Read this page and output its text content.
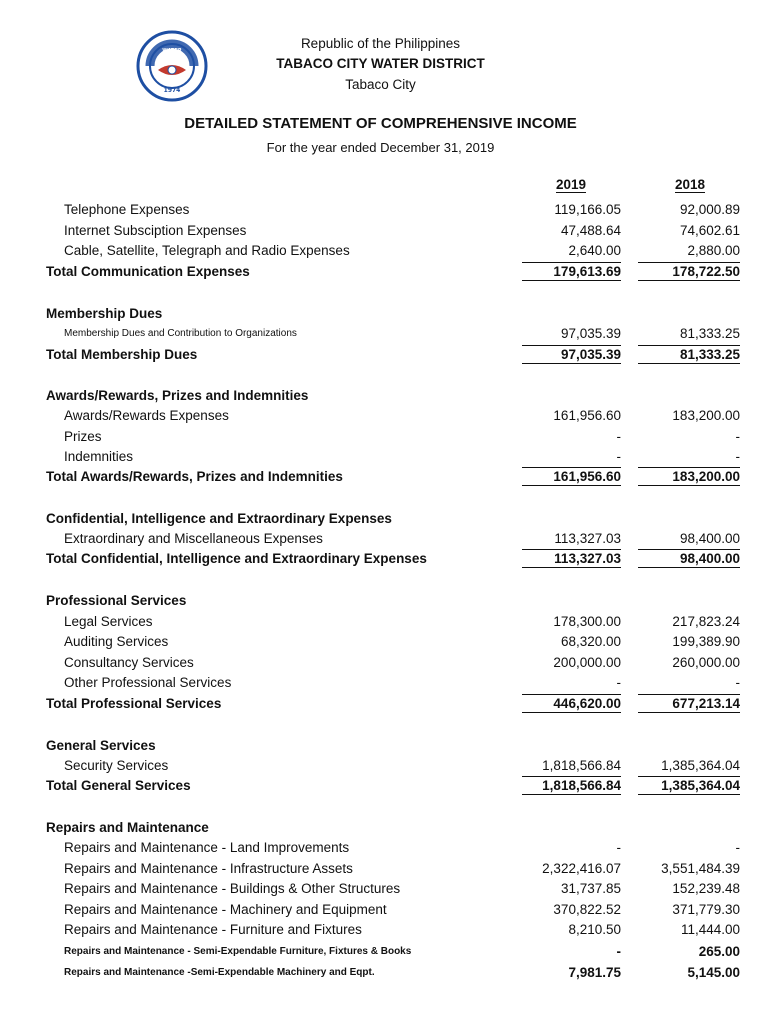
WATER
1974
Republic of the Philippines
TABACO CITY WATER DISTRICT
Tabaco City
DETAILED STATEMENT OF COMPREHENSIVE INCOME
For the year ended December 31, 2019
2019	2018
Telephone Expenses	119,166.05	92,000.89
Internet Subsciption Expenses	47,488.64	74,602.61
Cable, Satellite, Telegraph and Radio Expenses	2,640.00	2,880.00
Total Communication Expenses	179,613.69	178,722.50
Membership Dues
Membership Dues and Contribution to Organizations	97,035.39	81,333.25
Total Membership Dues	97,035.39	81,333.25
Awards/Rewards, Prizes and Indemnities
Awards/Rewards Expenses	161,956.60	183,200.00
Prizes	-	-
Indemnities	-	-
Total Awards/Rewards, Prizes and Indemnities	161,956.60	183,200.00
Confidential, Intelligence and Extraordinary Expenses
Extraordinary and Miscellaneous Expenses	113,327.03	98,400.00
Total Confidential, Intelligence and Extraordinary Expenses	113,327.03	98,400.00
Professional Services
Legal Services	178,300.00	217,823.24
Auditing Services	68,320.00	199,389.90
Consultancy Services	200,000.00	260,000.00
Other Professional Services	-	-
Total Professional Services	446,620.00	677,213.14
General Services
Security Services	1,818,566.84	1,385,364.04
Total General Services	1,818,566.84	1,385,364.04
Repairs and Maintenance
Repairs and Maintenance - Land Improvements	-	-
Repairs and Maintenance - Infrastructure Assets	2,322,416.07	3,551,484.39
Repairs and Maintenance - Buildings & Other Structures	31,737.85	152,239.48
Repairs and Maintenance - Machinery and Equipment	370,822.52	371,779.30
Repairs and Maintenance - Furniture and Fixtures	8,210.50	11,444.00
Repairs and Maintenance - Semi-Expendable Furniture, Fixtures & Books	-	265.00
Repairs and Maintenance -Semi-Expendable Machinery and Eqpt.	7,981.75	5,145.00
